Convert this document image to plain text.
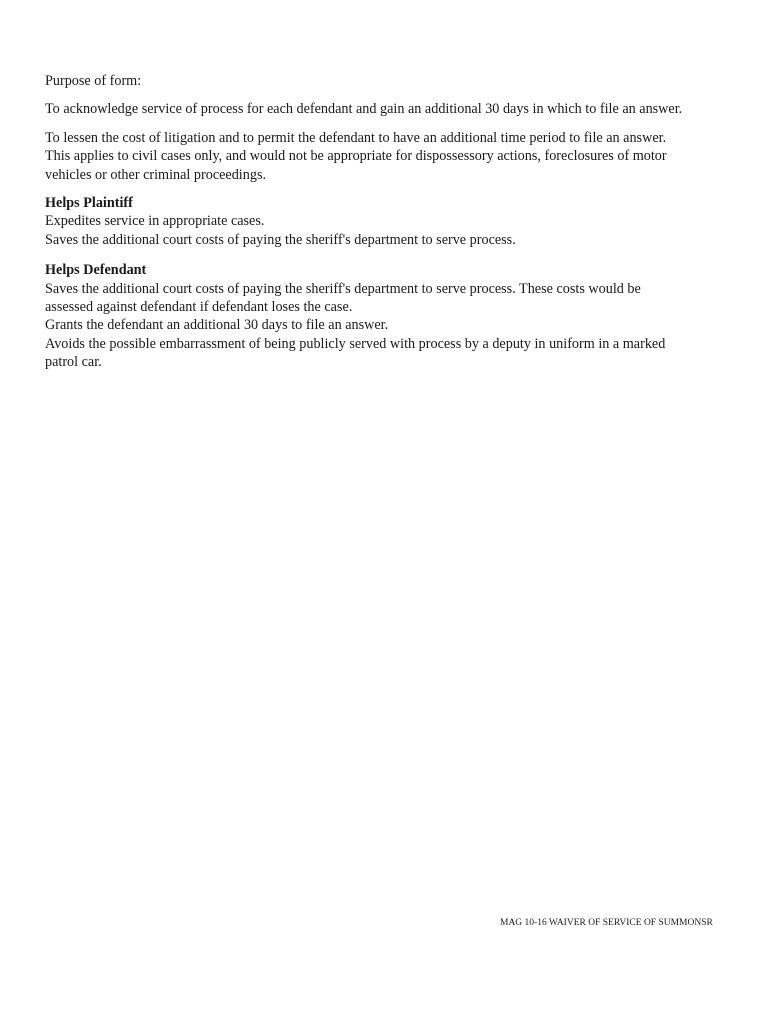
Purpose of form:

To acknowledge service of process for each defendant and gain an additional 30 days in which to file an answer.

To lessen the cost of litigation and to permit the defendant to have an additional time period to file an answer.
This applies to civil cases only, and would not be appropriate for dispossessory actions, foreclosures of motor
vehicles or other criminal proceedings.

Helps Plaintiff
Expedites service in appropriate cases.
Saves the additional court costs of paying the sheriff's department to serve process.
Helps Defendant
Saves the additional court costs of paying the sheriff's department to serve process. These costs would be
assessed against defendant if defendant loses the case.
Grants the defendant an additional 30 days to file an answer.
Avoids the possible embarrassment of being publicly served with process by a deputy in uniform in a marked
patrol car.
MAG 10-16 WAIVER OF SERVICE OF SUMMONSR
